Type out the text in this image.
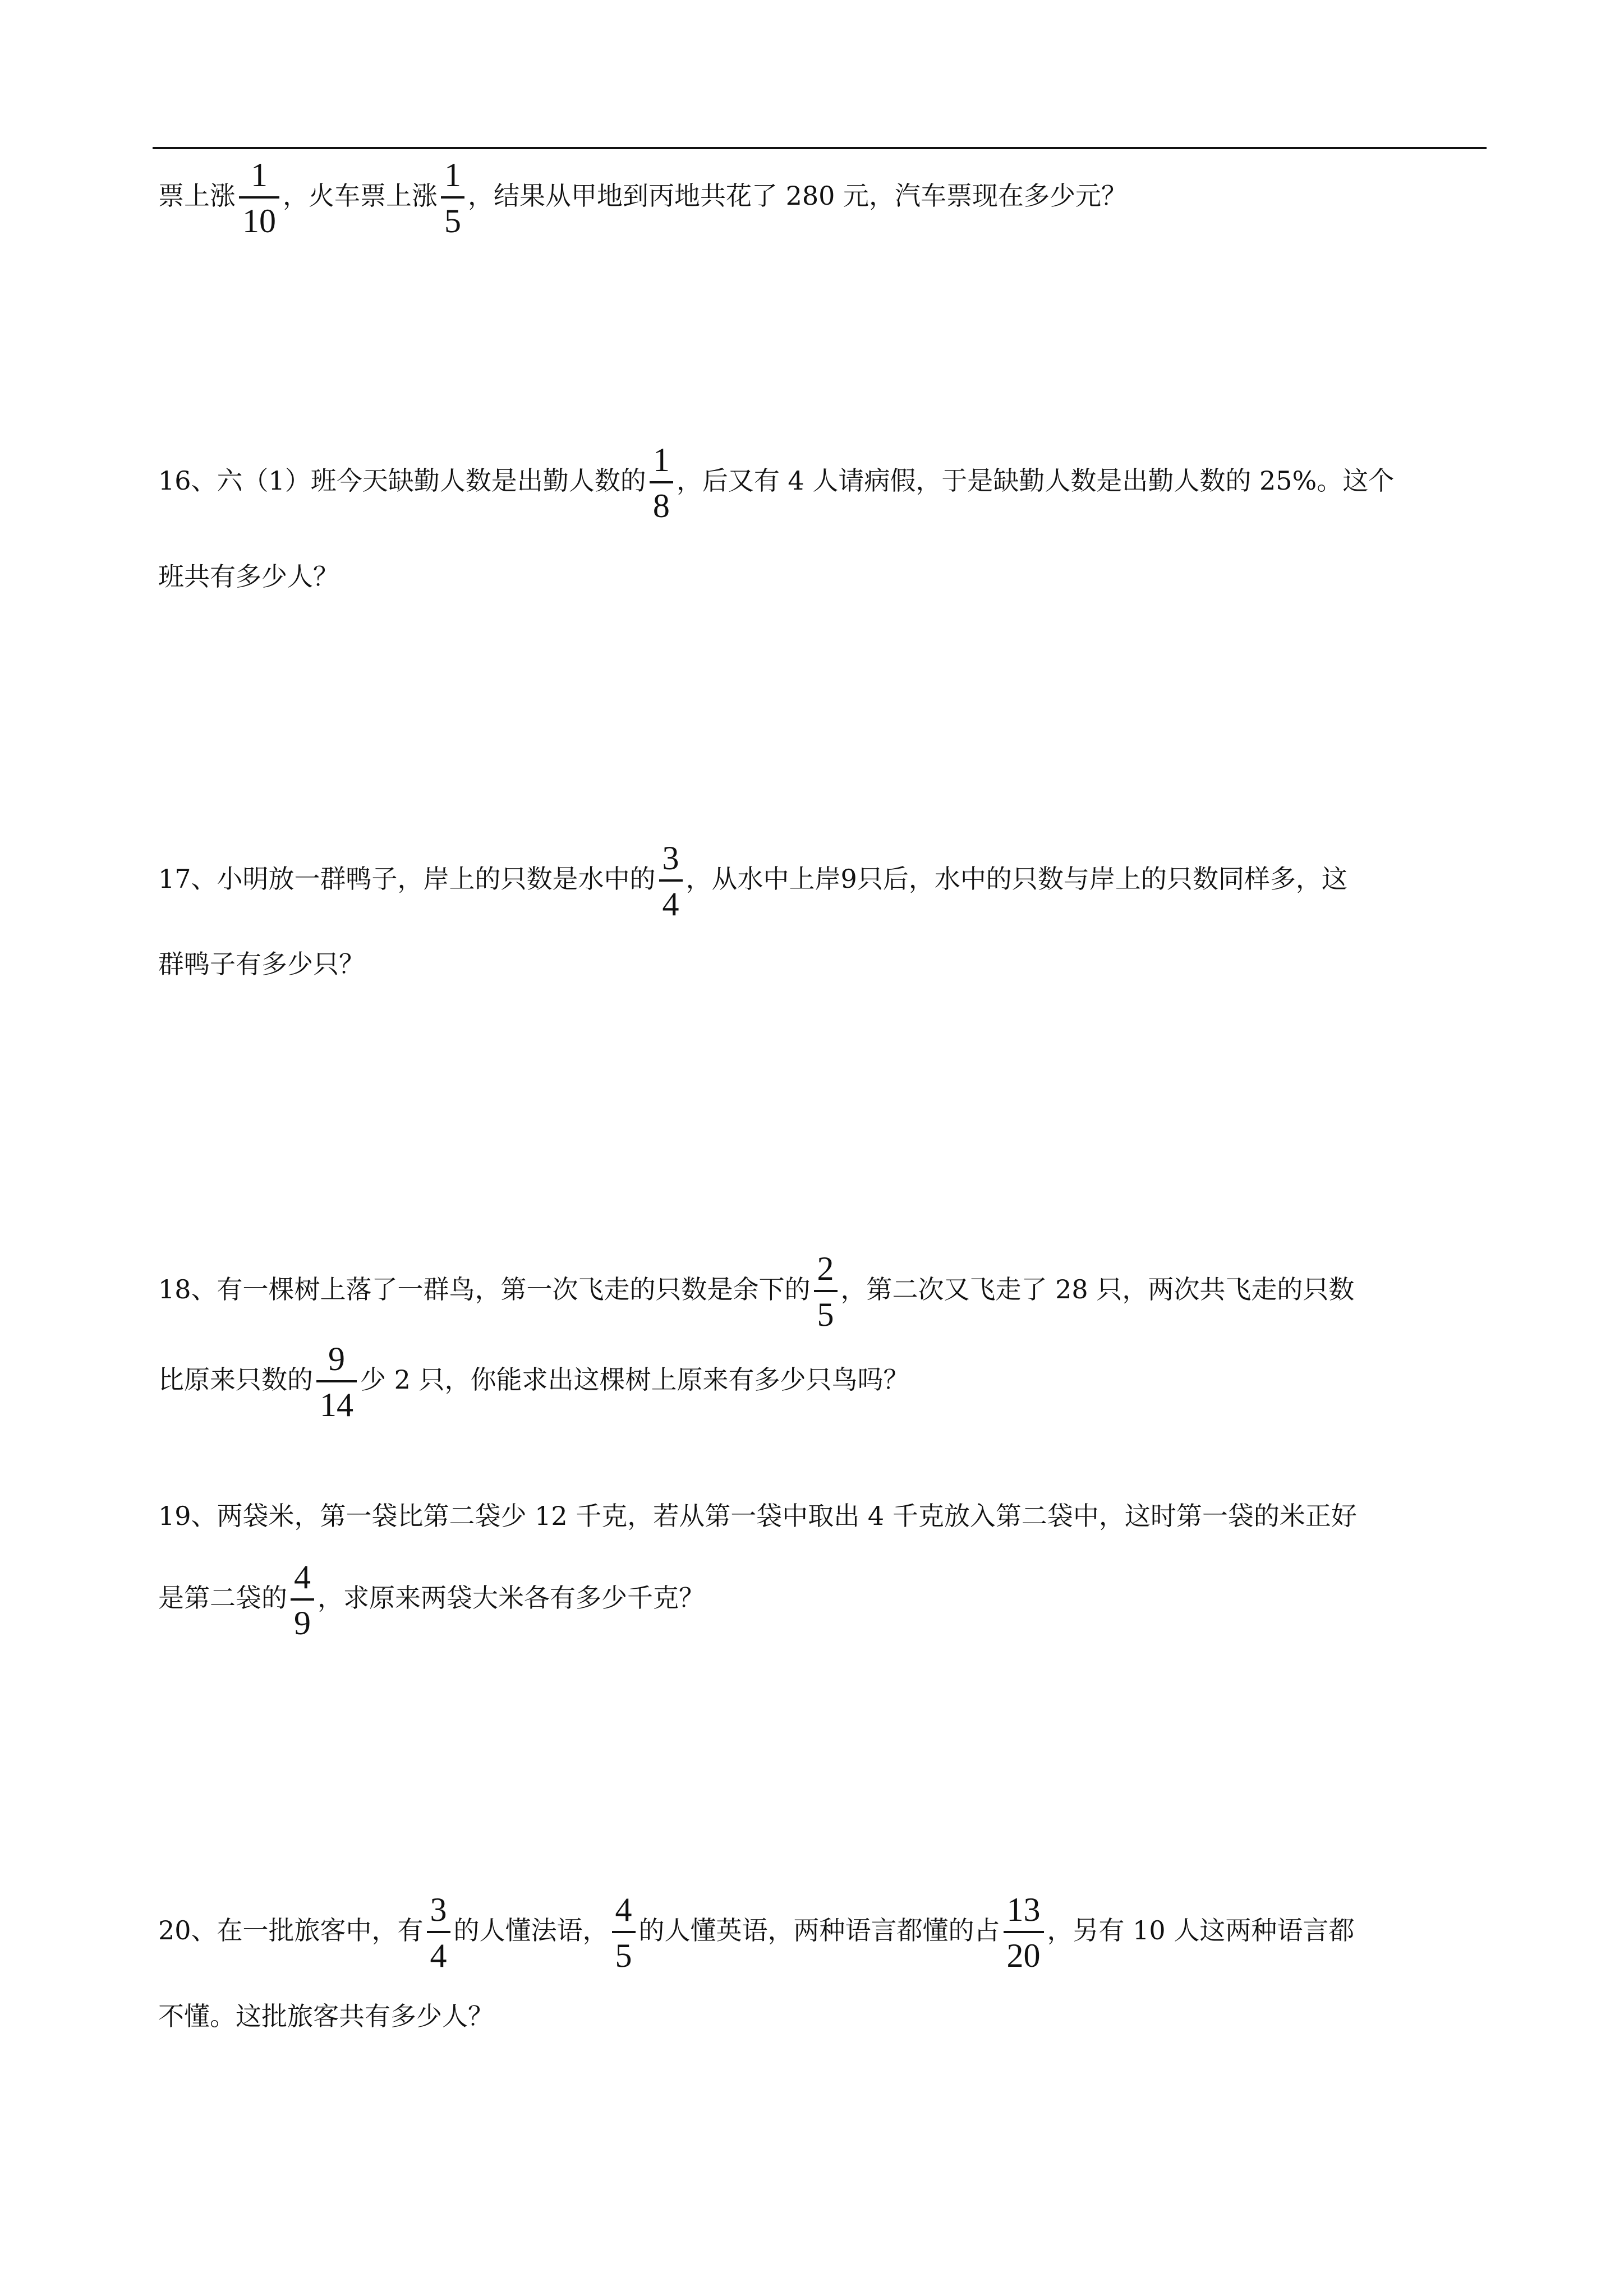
票上涨 $\frac{1}{10}$ ，火车票上涨 $\frac{1}{5}$ ，结果从甲地到丙地共花了 280 元，汽车票现在多少元？
16、六（1）班今天缺勤人数是出勤人数的 $\frac{1}{8}$ ，后又有 4 人请病假，于是缺勤人数是出勤人数的 25%。这个
班共有多少人？
17、小明放一群鸭子，岸上的只数是水中的 $\frac{3}{4}$ ，从水中上岸9只后，水中的只数与岸上的只数同样多，这
群鸭子有多少只？
18、有一棵树上落了一群鸟，第一次飞走的只数是余下的 $\frac{2}{5}$ ，第二次又飞走了 28 只，两次共飞走的只数
比原来只数的 $\frac{9}{14}$ 少 2 只，你能求出这棵树上原来有多少只鸟吗？
19、两袋米，第一袋比第二袋少 12 千克，若从第一袋中取出 4 千克放入第二袋中，这时第一袋的米正好
是第二袋的 $\frac{4}{9}$ ，求原来两袋大米各有多少千克？
20、在一批旅客中，有 $\frac{3}{4}$ 的人懂法语， $\frac{4}{5}$ 的人懂英语，两种语言都懂的占 $\frac{13}{20}$ ，另有 10 人这两种语言都
不懂。这批旅客共有多少人？
